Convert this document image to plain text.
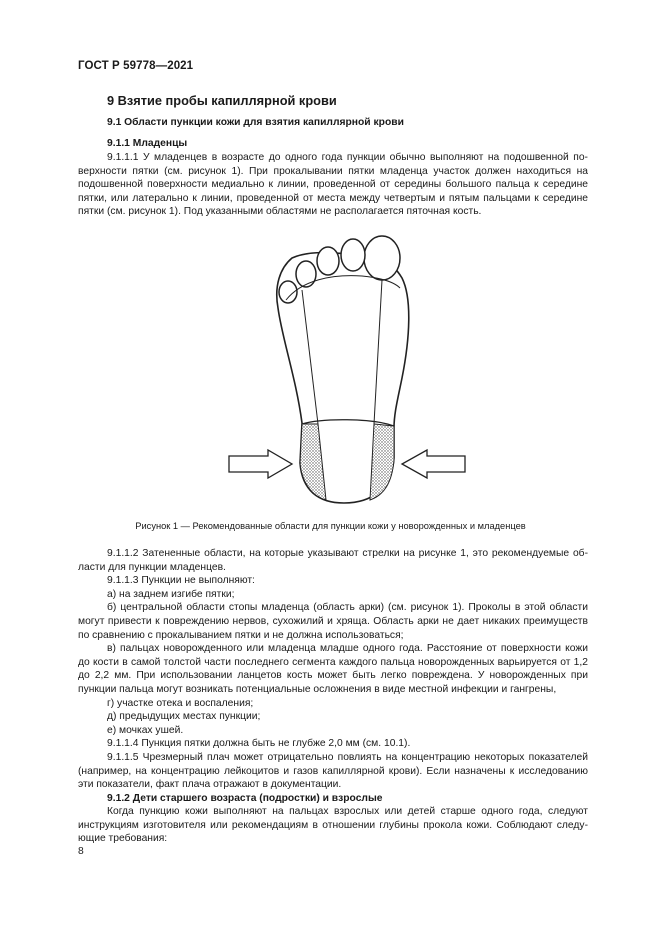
ГОСТ Р 59778—2021
9 Взятие пробы капиллярной крови
9.1 Области пункции кожи для взятия капиллярной крови
9.1.1 Младенцы

9.1.1.1 У младенцев в возрасте до одного года пункции обычно выполняют на подошвенной по-верхности пятки (см. рисунок 1). При прокалывании пятки младенца участок должен находиться на подошвенной поверхности медиально к линии, проведенной от середины большого пальца к середине пятки, или латерально к линии, проведенной от места между четвертым и пятым пальцами к середине пятки (см. рисунок 1). Под указанными областями не располагается пяточная кость.

Рисунок 1 — Рекомендованные области для пункции кожи у новорожденных и младенцев

9.1.1.2 Затененные области, на которые указывают стрелки на рисунке 1, это рекомендуемые об-ласти для пункции младенцев.

9.1.1.3 Пункции не выполняют:

а) на заднем изгибе пятки;

б) центральной области стопы младенца (область арки) (см. рисунок 1). Проколы в этой области могут привести к повреждению нервов, сухожилий и хряща. Область арки не дает никаких преимуществ по сравнению с прокалыванием пятки и не должна использоваться;

в) пальцах новорожденного или младенца младше одного года. Расстояние от поверхности кожи до кости в самой толстой части последнего сегмента каждого пальца новорожденных варьируется от 1,2 до 2,2 мм. При использовании ланцетов кость может быть легко повреждена. У новорожденных при пункции пальца могут возникать потенциальные осложнения в виде местной инфекции и гангрены,

г) участке отека и воспаления;

д) предыдущих местах пункции;

е) мочках ушей.

9.1.1.4 Пункция пятки должна быть не глубже 2,0 мм (см. 10.1).

9.1.1.5 Чрезмерный плач может отрицательно повлиять на концентрацию некоторых показателей (например, на концентрацию лейкоцитов и газов капиллярной крови). Если назначены к исследованию эти показатели, факт плача отражают в документации.

9.1.2 Дети старшего возраста (подростки) и взрослые

Когда пункцию кожи выполняют на пальцах взрослых или детей старше одного года, следуют инструкциям изготовителя или рекомендациям в отношении глубины прокола кожи. Соблюдают следу-ющие требования:

8
